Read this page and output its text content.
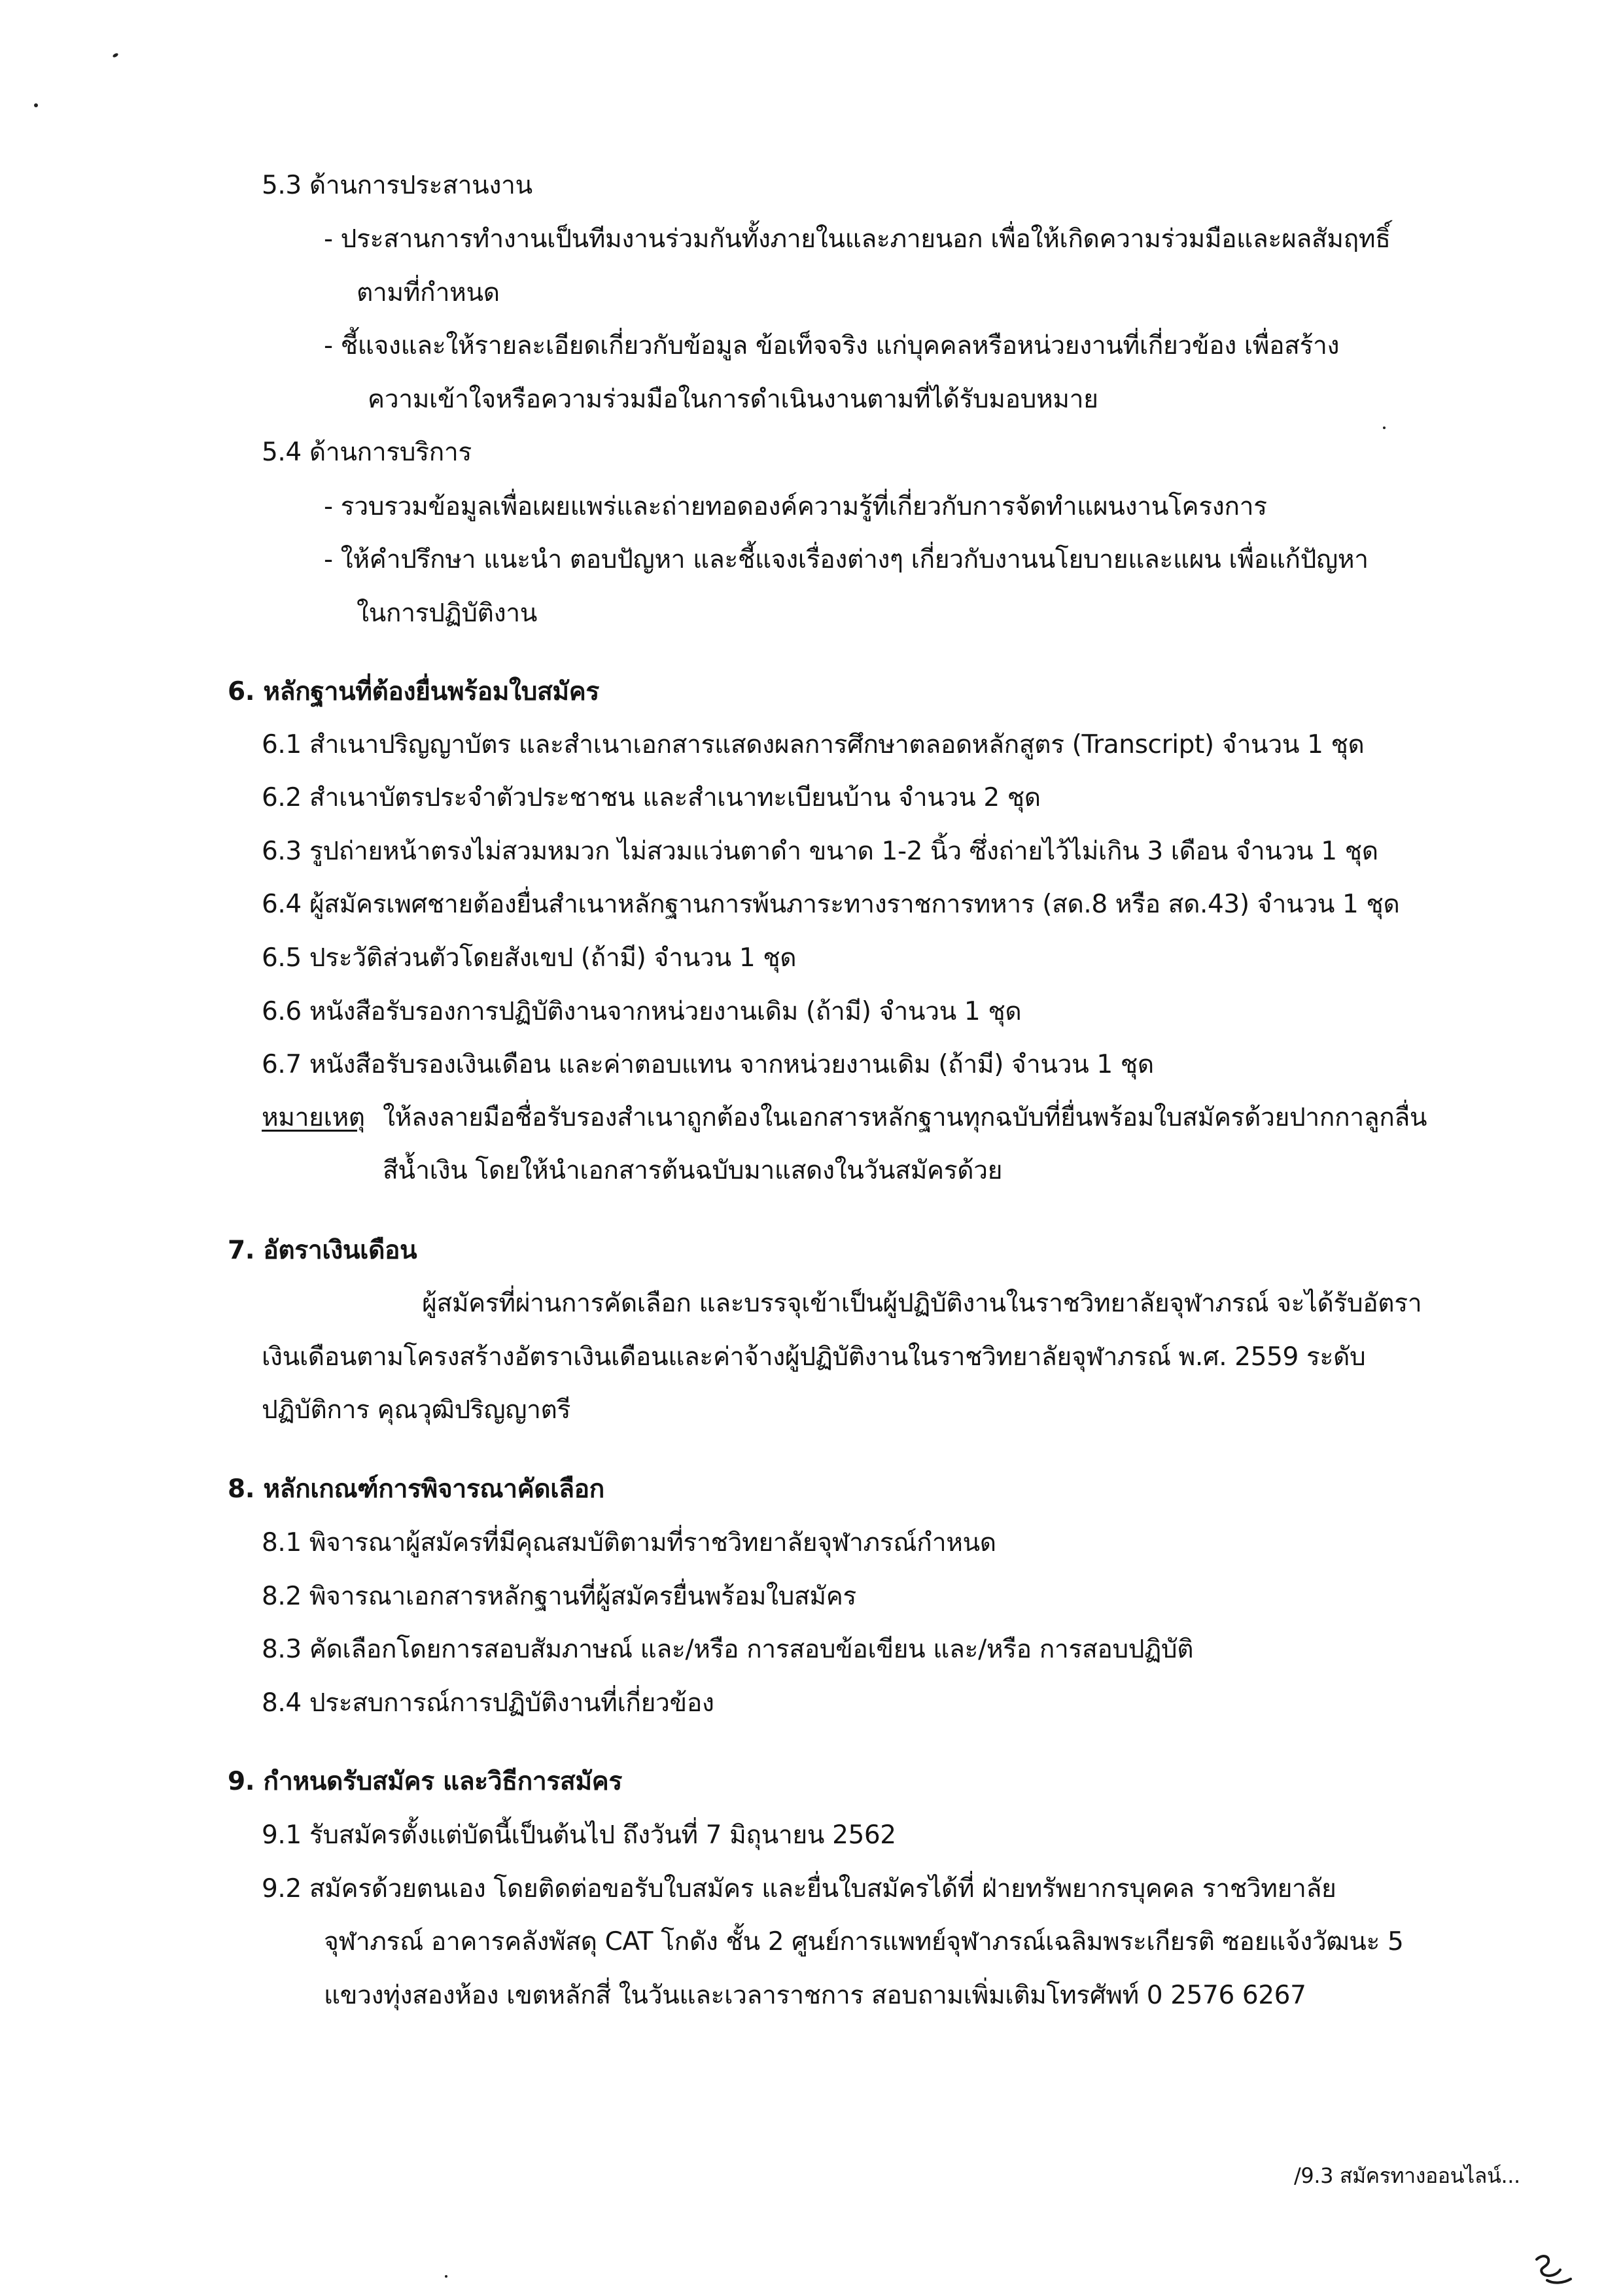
5.3 ด้านการประสานงาน
- ประสานการทำงานเป็นทีมงานร่วมกันทั้งภายในและภายนอก เพื่อให้เกิดความร่วมมือและผลสัมฤทธิ์
ตามที่กำหนด
- ชี้แจงและให้รายละเอียดเกี่ยวกับข้อมูล ข้อเท็จจริง แก่บุคคลหรือหน่วยงานที่เกี่ยวข้อง เพื่อสร้าง
ความเข้าใจหรือความร่วมมือในการดำเนินงานตามที่ได้รับมอบหมาย
5.4 ด้านการบริการ
- รวบรวมข้อมูลเพื่อเผยแพร่และถ่ายทอดองค์ความรู้ที่เกี่ยวกับการจัดทำแผนงานโครงการ
- ให้คำปรึกษา แนะนำ ตอบปัญหา และชี้แจงเรื่องต่างๆ เกี่ยวกับงานนโยบายและแผน เพื่อแก้ปัญหา
ในการปฏิบัติงาน
6. หลักฐานที่ต้องยื่นพร้อมใบสมัคร
6.1 สำเนาปริญญาบัตร และสำเนาเอกสารแสดงผลการศึกษาตลอดหลักสูตร (Transcript) จำนวน 1 ชุด
6.2 สำเนาบัตรประจำตัวประชาชน และสำเนาทะเบียนบ้าน จำนวน 2 ชุด
6.3 รูปถ่ายหน้าตรงไม่สวมหมวก ไม่สวมแว่นตาดำ ขนาด 1-2 นิ้ว ซึ่งถ่ายไว้ไม่เกิน 3 เดือน จำนวน 1 ชุด
6.4 ผู้สมัครเพศชายต้องยื่นสำเนาหลักฐานการพ้นภาระทางราชการทหาร (สด.8 หรือ สด.43) จำนวน 1 ชุด
6.5 ประวัติส่วนตัวโดยสังเขป (ถ้ามี) จำนวน 1 ชุด
6.6 หนังสือรับรองการปฏิบัติงานจากหน่วยงานเดิม (ถ้ามี) จำนวน 1 ชุด
6.7 หนังสือรับรองเงินเดือน และค่าตอบแทน จากหน่วยงานเดิม (ถ้ามี) จำนวน 1 ชุด
หมายเหตุ ให้ลงลายมือชื่อรับรองสำเนาถูกต้องในเอกสารหลักฐานทุกฉบับที่ยื่นพร้อมใบสมัครด้วยปากกาลูกลื่น
สีน้ำเงิน โดยให้นำเอกสารต้นฉบับมาแสดงในวันสมัครด้วย
7. อัตราเงินเดือน
ผู้สมัครที่ผ่านการคัดเลือก และบรรจุเข้าเป็นผู้ปฏิบัติงานในราชวิทยาลัยจุฬาภรณ์ จะได้รับอัตรา
เงินเดือนตามโครงสร้างอัตราเงินเดือนและค่าจ้างผู้ปฏิบัติงานในราชวิทยาลัยจุฬาภรณ์ พ.ศ. 2559 ระดับ
ปฏิบัติการ คุณวุฒิปริญญาตรี
8. หลักเกณฑ์การพิจารณาคัดเลือก
8.1 พิจารณาผู้สมัครที่มีคุณสมบัติตามที่ราชวิทยาลัยจุฬาภรณ์กำหนด
8.2 พิจารณาเอกสารหลักฐานที่ผู้สมัครยื่นพร้อมใบสมัคร
8.3 คัดเลือกโดยการสอบสัมภาษณ์ และ/หรือ การสอบข้อเขียน และ/หรือ การสอบปฏิบัติ
8.4 ประสบการณ์การปฏิบัติงานที่เกี่ยวข้อง
9. กำหนดรับสมัคร และวิธีการสมัคร
9.1 รับสมัครตั้งแต่บัดนี้เป็นต้นไป ถึงวันที่ 7 มิถุนายน 2562
9.2 สมัครด้วยตนเอง โดยติดต่อขอรับใบสมัคร และยื่นใบสมัครได้ที่ ฝ่ายทรัพยากรบุคคล ราชวิทยาลัย
จุฬาภรณ์ อาคารคลังพัสดุ CAT โกดัง ชั้น 2 ศูนย์การแพทย์จุฬาภรณ์เฉลิมพระเกียรติ ซอยแจ้งวัฒนะ 5
แขวงทุ่งสองห้อง เขตหลักสี่ ในวันและเวลาราชการ สอบถามเพิ่มเติมโทรศัพท์ 0 2576 6267
/9.3 สมัครทางออนไลน์...
